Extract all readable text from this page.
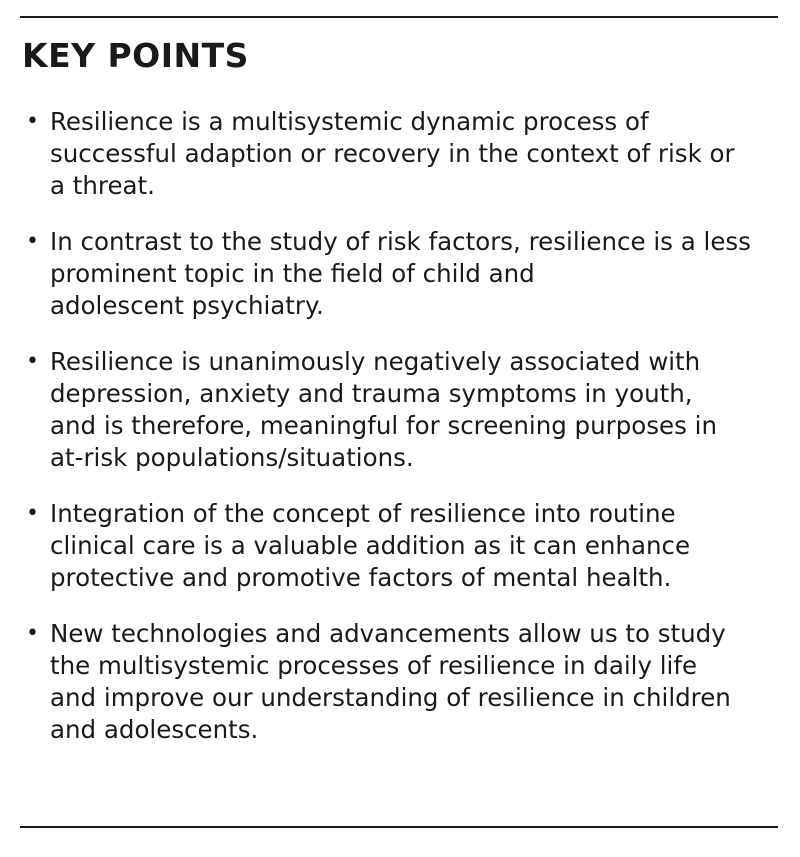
KEY POINTS
• Resilience is a multisystemic dynamic process of
successful adaption or recovery in the context of risk or
a threat.
• In contrast to the study of risk factors, resilience is a less
prominent topic in the field of child and
adolescent psychiatry.
• Resilience is unanimously negatively associated with
depression, anxiety and trauma symptoms in youth,
and is therefore, meaningful for screening purposes in
at-risk populations/situations.
• Integration of the concept of resilience into routine
clinical care is a valuable addition as it can enhance
protective and promotive factors of mental health.
• New technologies and advancements allow us to study
the multisystemic processes of resilience in daily life
and improve our understanding of resilience in children
and adolescents.
